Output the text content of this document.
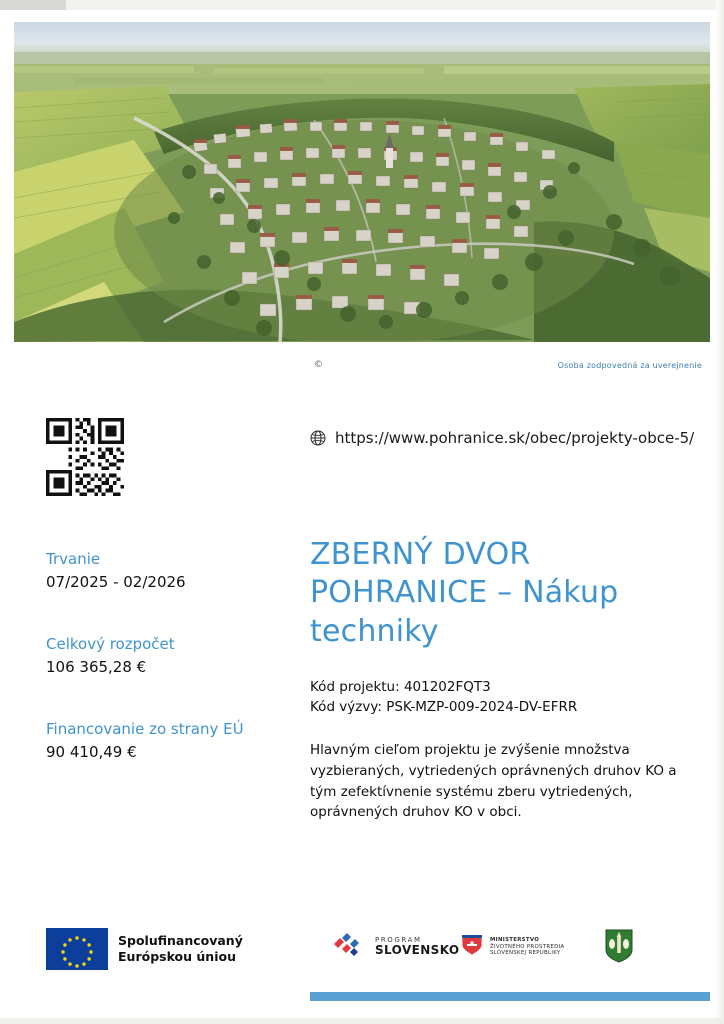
©	Osoba zodpovedná za uverejnenie
https://www.pohranice.sk/obec/projekty-obce-5/
Trvanie
07/2025 - 02/2026
Celkový rozpočet
106 365,28 €
Financovanie zo strany EÚ
90 410,49 €
ZBERNÝ DVOR POHRANICE – Nákup techniky
Kód projektu: 401202FQT3
Kód výzvy: PSK-MZP-009-2024-DV-EFRR
Hlavným cieľom projektu je zvýšenie množstva vyzbieraných, vytriedených oprávnených druhov KO a tým zefektívnenie systému zberu vytriedených, oprávnených druhov KO v obci.
Spolufinancovaný
Európskou úniou
PROGRAM
SLOVENSKO
MINISTERSTVO
ŽIVOTNÉHO PROSTREDIA
SLOVENSKEJ REPUBLIKY
